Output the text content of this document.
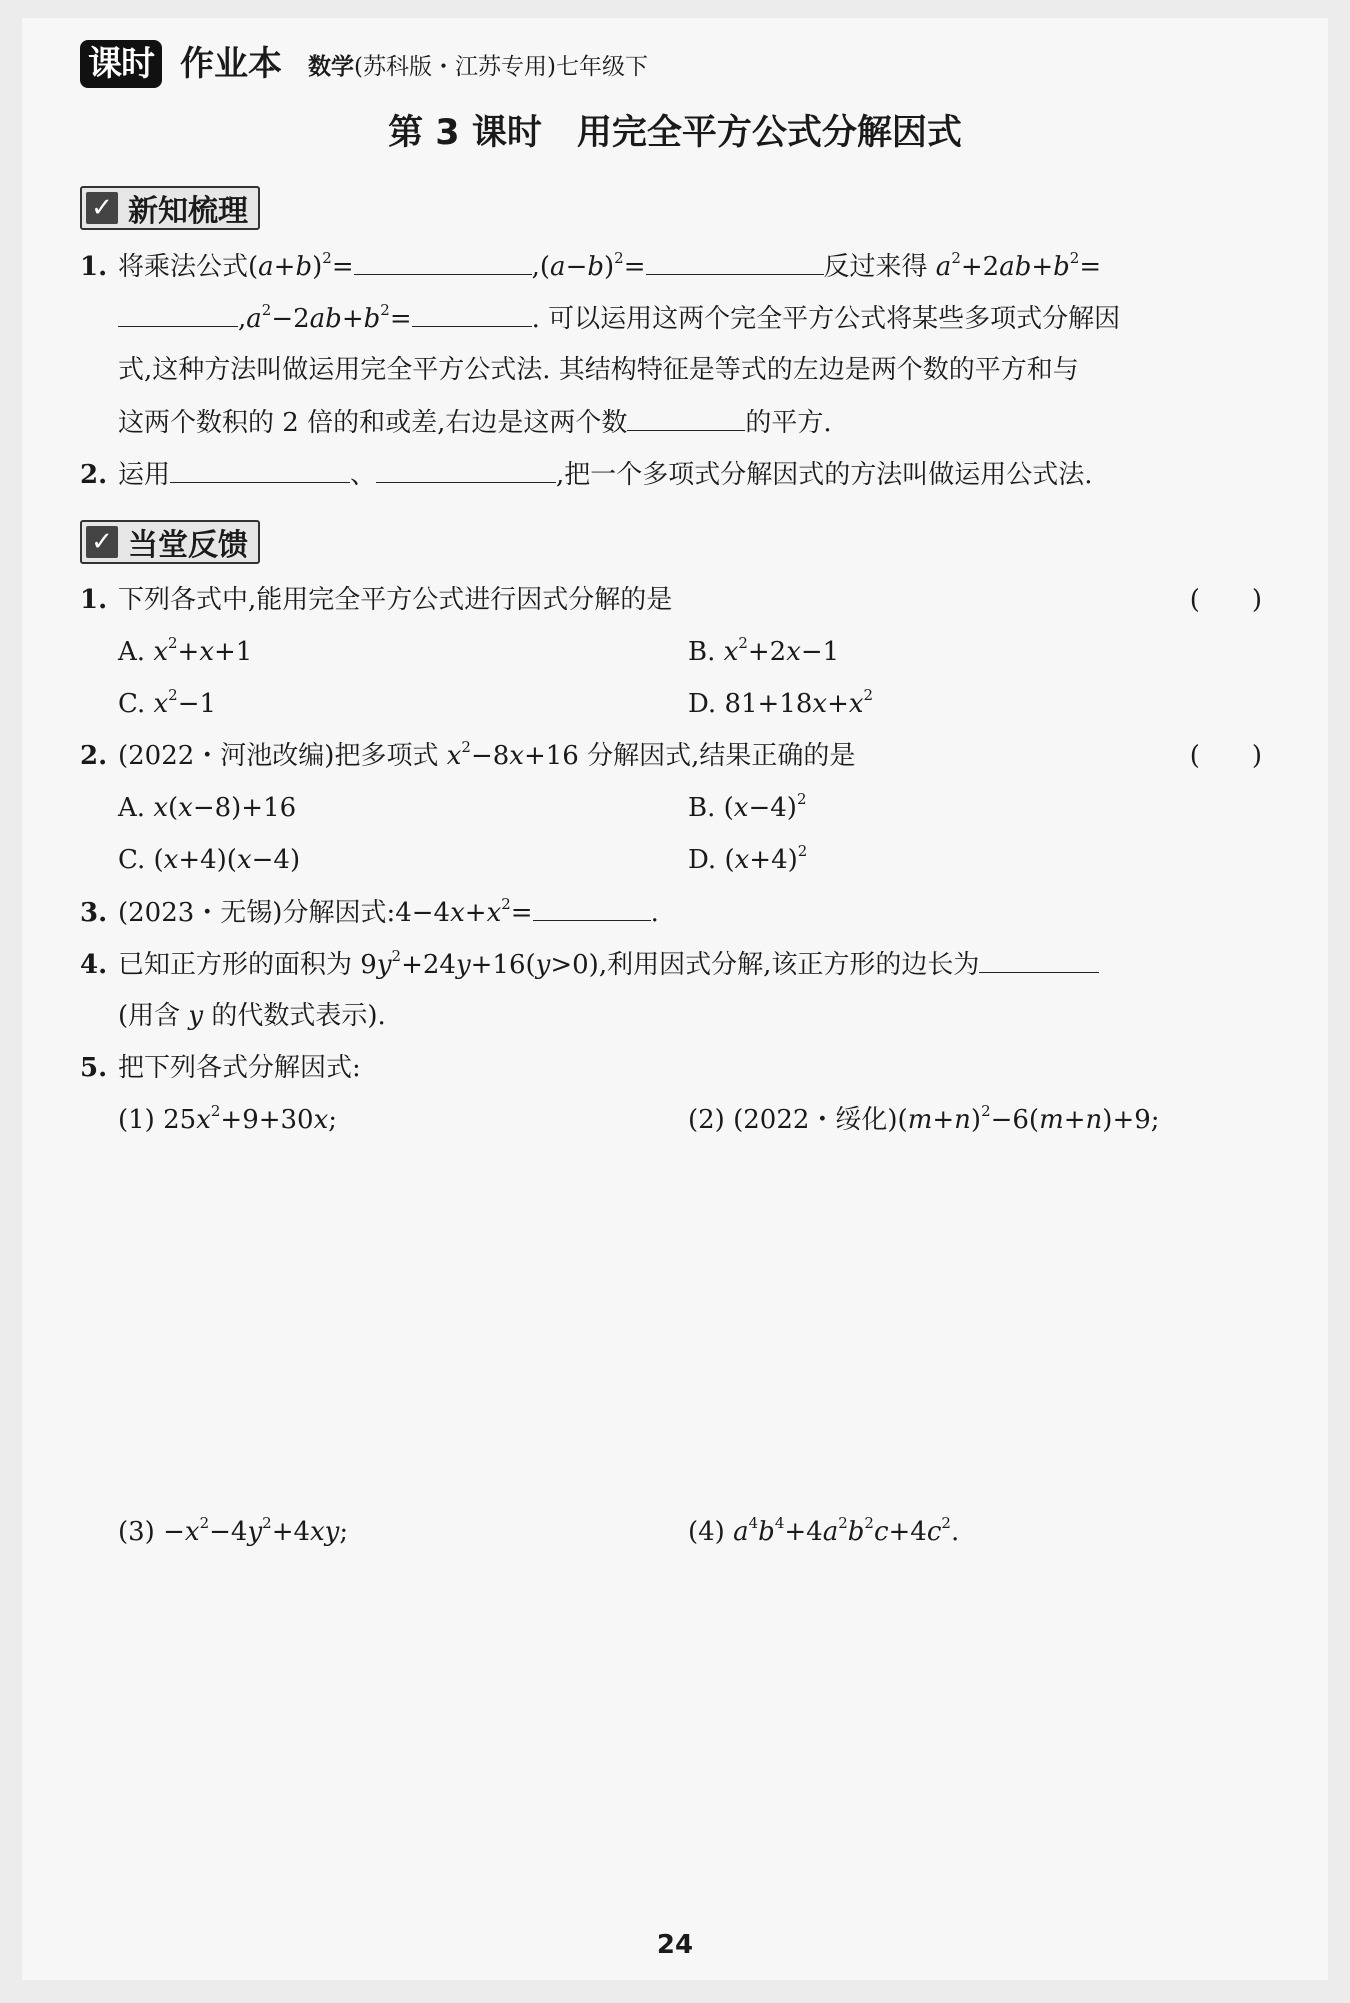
课时 作业本 数学(苏科版・江苏专用)七年级下
第 3 课时　用完全平方公式分解因式
✓ 新知梳理
1. 将乘法公式$(a+b)^2=$	$,(a-b)^2=$	反过来得 $a^2+2ab+b^2=$
$,a^2-2ab+b^2=$	. 可以运用这两个完全平方公式将某些多项式分解因
式,这种方法叫做运用完全平方公式法. 其结构特征是等式的左边是两个数的平方和与
这两个数积的 2 倍的和或差,右边是这两个数	的平方.
2. 运用	、	,把一个多项式分解因式的方法叫做运用公式法.
✓ 当堂反馈
1. 下列各式中,能用完全平方公式进行因式分解的是	(　　)
A. $x^2+x+1$	B. $x^2+2x-1$
C. $x^2-1$	D. $81+18x+x^2$
2. (2022・河池改编)把多项式 $x^2-8x+16$ 分解因式,结果正确的是	(　　)
A. x(x−8)+16	B. $(x-4)^2$
C. (x+4)(x−4)	D. $(x+4)^2$
3. (2023・无锡)分解因式$:4-4x+x^2=$	.
4. 已知正方形的面积为 $9y^2+24y+16(y>0)$,利用因式分解,该正方形的边长为
(用含 y 的代数式表示).
5. 把下列各式分解因式:
(1) $25x^2+9+30x$;	(2) (2022・绥化)$(m+n)^2-6(m+n)+9$;
$(3) -x^2-4y^2+4xy$;	(4) $a^4b^4+4a^2b^2c+4c^2$.
24
